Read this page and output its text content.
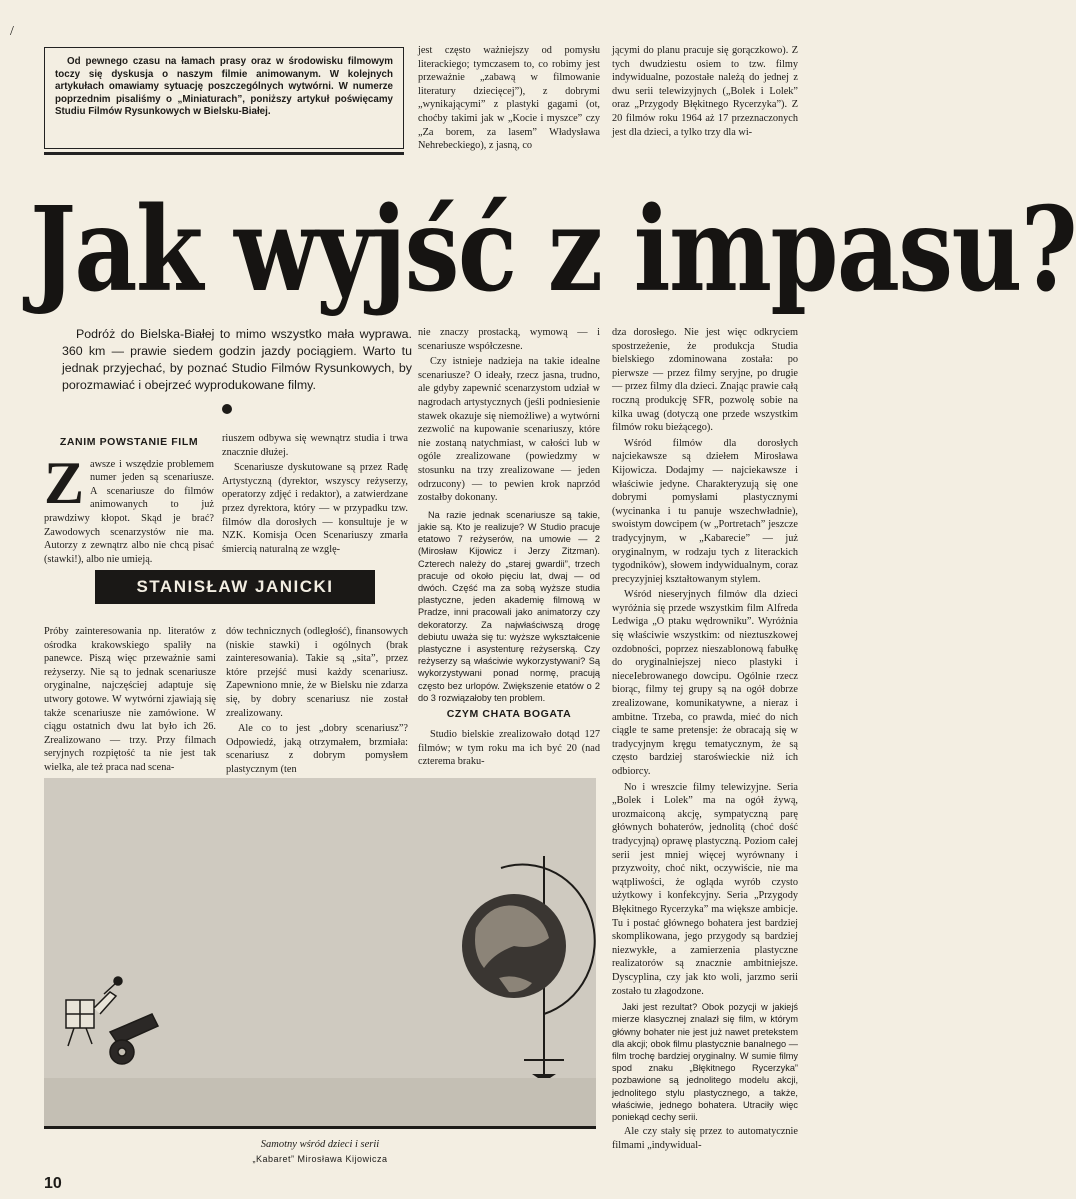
/

Od pewnego czasu na łamach prasy oraz w środowisku filmowym toczy się dyskusja o naszym filmie animowanym. W kolejnych artykułach omawiamy sytuację poszczególnych wytwórni. W numerze poprzednim pisaliśmy o „Miniaturach”, poniższy artykuł poświęcamy Studiu Filmów Rysunkowych w Bielsku-Białej.

jest często ważniejszy od pomysłu literackiego; tymczasem to, co robimy jest przeważnie „zabawą w filmowanie literatury dziecięcej”), z dobrymi „wynikającymi” z plastyki gagami (ot, choćby takimi jak w „Kocie i myszce” czy „Za borem, za lasem” Władysława Nehrebeckiego), z jasną, co

jącymi do planu pracuje się gorączkowo). Z tych dwudziestu osiem to tzw. filmy indywidualne, pozostałe należą do jednej z dwu serii telewizyjnych („Bolek i Lolek” oraz „Przygody Błękitnego Rycerzyka”). Z 20 filmów roku 1964 aż 17 przeznaczonych jest dla dzieci, a tylko trzy dla wi-

Jak wyjść z impasu?

Podróż do Bielska-Białej to mimo wszystko mała wyprawa. 360 km — prawie siedem godzin jazdy pociągiem. Warto tu jednak przyjechać, by poznać Studio Filmów Rysunkowych, by porozmawiać i obejrzeć wyprodukowane filmy.

ZANIM POWSTANIE FILM

Zawsze i wszędzie problemem numer jeden są scenariusze. A scenariusze do filmów animowanych to już prawdziwy kłopot. Skąd je brać? Zawodowych scenarzystów nie ma. Autorzy z zewnątrz albo nie chcą pisać (stawki!), albo nie umieją.

riuszem odbywa się wewnątrz studia i trwa znacznie dłużej.

Scenariusze dyskutowane są przez Radę Artystyczną (dyrektor, wszyscy reżyserzy, operatorzy zdjęć i redaktor), a zatwierdzane przez dyrektora, który — w przypadku tzw. filmów dla dorosłych — konsultuje je w NZK. Komisja Ocen Scenariuszy zmarła śmiercią naturalną ze wzglę-

STANISŁAW JANICKI

Próby zainteresowania np. literatów z ośrodka krakowskiego spaliły na panewce. Piszą więc przeważnie sami reżyserzy. Nie są to jednak scenariusze oryginalne, najczęściej adaptuje się utwory gotowe. W wytwórni zjawiają się także scenariusze nie zamówione. W ciągu ostatnich dwu lat było ich 26. Zrealizowano — trzy. Przy filmach seryjnych rozpiętość ta nie jest tak wielka, ale też praca nad scena-

dów technicznych (odległość), finansowych (niskie stawki) i ogólnych (brak zainteresowania). Takie są „sita”, przez które przejść musi każdy scenariusz. Zapewniono mnie, że w Bielsku nie zdarza się, by dobry scenariusz nie został zrealizowany.

Ale co to jest „dobry scenariusz”? Odpowiedź, jaką otrzymałem, brzmiała: scenariusz z dobrym pomysłem plastycznym (ten

nie znaczy prostacką, wymową — i scenariusze współczesne.

Czy istnieje nadzieja na takie idealne scenariusze? O ideały, rzecz jasna, trudno, ale gdyby zapewnić scenarzystom udział w nagrodach artystycznych (jeśli podniesienie stawek okazuje się niemożliwe) a wytwórni zezwolić na kupowanie scenariuszy, które nie zostaną natychmiast, w całości lub w ogóle zrealizowane (powiedzmy w stosunku na trzy zrealizowane — jeden odrzucony) — to pewien krok naprzód zostałby dokonany.

Na razie jednak scenariusze są takie, jakie są. Kto je realizuje? W Studio pracuje etatowo 7 reżyserów, na umowie — 2 (Mirosław Kijowicz i Jerzy Zitzman). Czterech należy do „starej gwardii”, trzech pracuje od około pięciu lat, dwaj — od dwóch. Część ma za sobą wyższe studia plastyczne, jeden akademię filmową w Pradze, inni pracowali jako animatorzy czy dekoratorzy. Za najwłaściwszą drogę debiutu uważa się tu: wyższe wykształcenie plastyczne i asystenturę reżyserską. Czy reżyserzy są właściwie wykorzystywani? Są wykorzystywani ponad normę, pracują często bez urlopów. Zwiększenie etatów o 2 do 3 rozwiązałoby ten problem.

CZYM CHATA BOGATA

Studio bielskie zrealizowało dotąd 127 filmów; w tym roku ma ich być 20 (nad czterema braku-

dza dorosłego. Nie jest więc odkryciem spostrzeżenie, że produkcja Studia bielskiego zdominowana została: po pierwsze — przez filmy seryjne, po drugie — przez filmy dla dzieci. Znając prawie całą roczną produkcję SFR, pozwolę sobie na kilka uwag (dotyczą one przede wszystkim filmów roku bieżącego).

Wśród filmów dla dorosłych najciekawsze są dziełem Mirosława Kijowicza. Dodajmy — najciekawsze i właściwie jedyne. Charakteryzują się one dobrymi pomysłami plastycznymi (wycinanka i tu panuje wszechwładnie), swoistym dowcipem (w „Portretach” jeszcze tradycyjnym, w „Kabarecie” — już oryginalnym, w rodzaju tych z literackich tygodników), słowem indywidualnym, coraz precyzyjniej kształtowanym stylem.

Wśród nieseryjnych filmów dla dzieci wyróżnia się przede wszystkim film Alfreda Ledwiga „O ptaku wędrowniku”. Wyróżnia się właściwie wszystkim: od nieztuszkowej ozdobności, poprzez nieszablonową fabułkę do oryginalniejszej nieco plastyki i nieceIebrowanego dowcipu. Ogólnie rzecz biorąc, filmy tej grupy są na ogół dobrze zrealizowane, komunikatywne, a nieraz i ambitne. Trzeba, co prawda, mieć do nich ciągle te same pretensje: że obracają się w tradycyjnym kręgu tematycznym, że są często bardziej staroświeckie niż ich odbiorcy.

No i wreszcie filmy telewizyjne. Seria „Bolek i Lolek” ma na ogół żywą, urozmaiconą akcję, sympatyczną parę głównych bohaterów, jednolitą (choć dość tradycyjną) oprawę plastyczną. Poziom całej serii jest mniej więcej wyrównany i przyzwoity, choć nikt, oczywiście, nie ma wątpliwości, że ogląda wyrób czysto użytkowy i konfekcyjny. Seria „Przygody Błękitnego Rycerzyka” ma większe ambicje. Tu i postać głównego bohatera jest bardziej skomplikowana, jego przygody są bardziej niezwykłe, a zamierzenia plastyczne realizatorów są znacznie ambitniejsze. Dyscyplina, czy jak kto woli, jarzmo serii zostało tu złagodzone.

Jaki jest rezultat? Obok pozycji w jakiejś mierze klasycznej znalazł się film, w którym główny bohater nie jest już nawet pretekstem dla akcji; obok filmu plastycznie banalnego — film trochę bardziej oryginalny. W sumie filmy spod znaku „Błękitnego Rycerzyka” pozbawione są jednolitego modelu akcji, jednolitego stylu plastycznego, a także, właściwie, jednego bohatera. Utraciły więc poniekąd cechy serii.

Ale czy stały się przez to automatycznie filmami „indywidual-

Samotny wśród dzieci i serii
„Kabaret” Mirosława Kijowicza
10
